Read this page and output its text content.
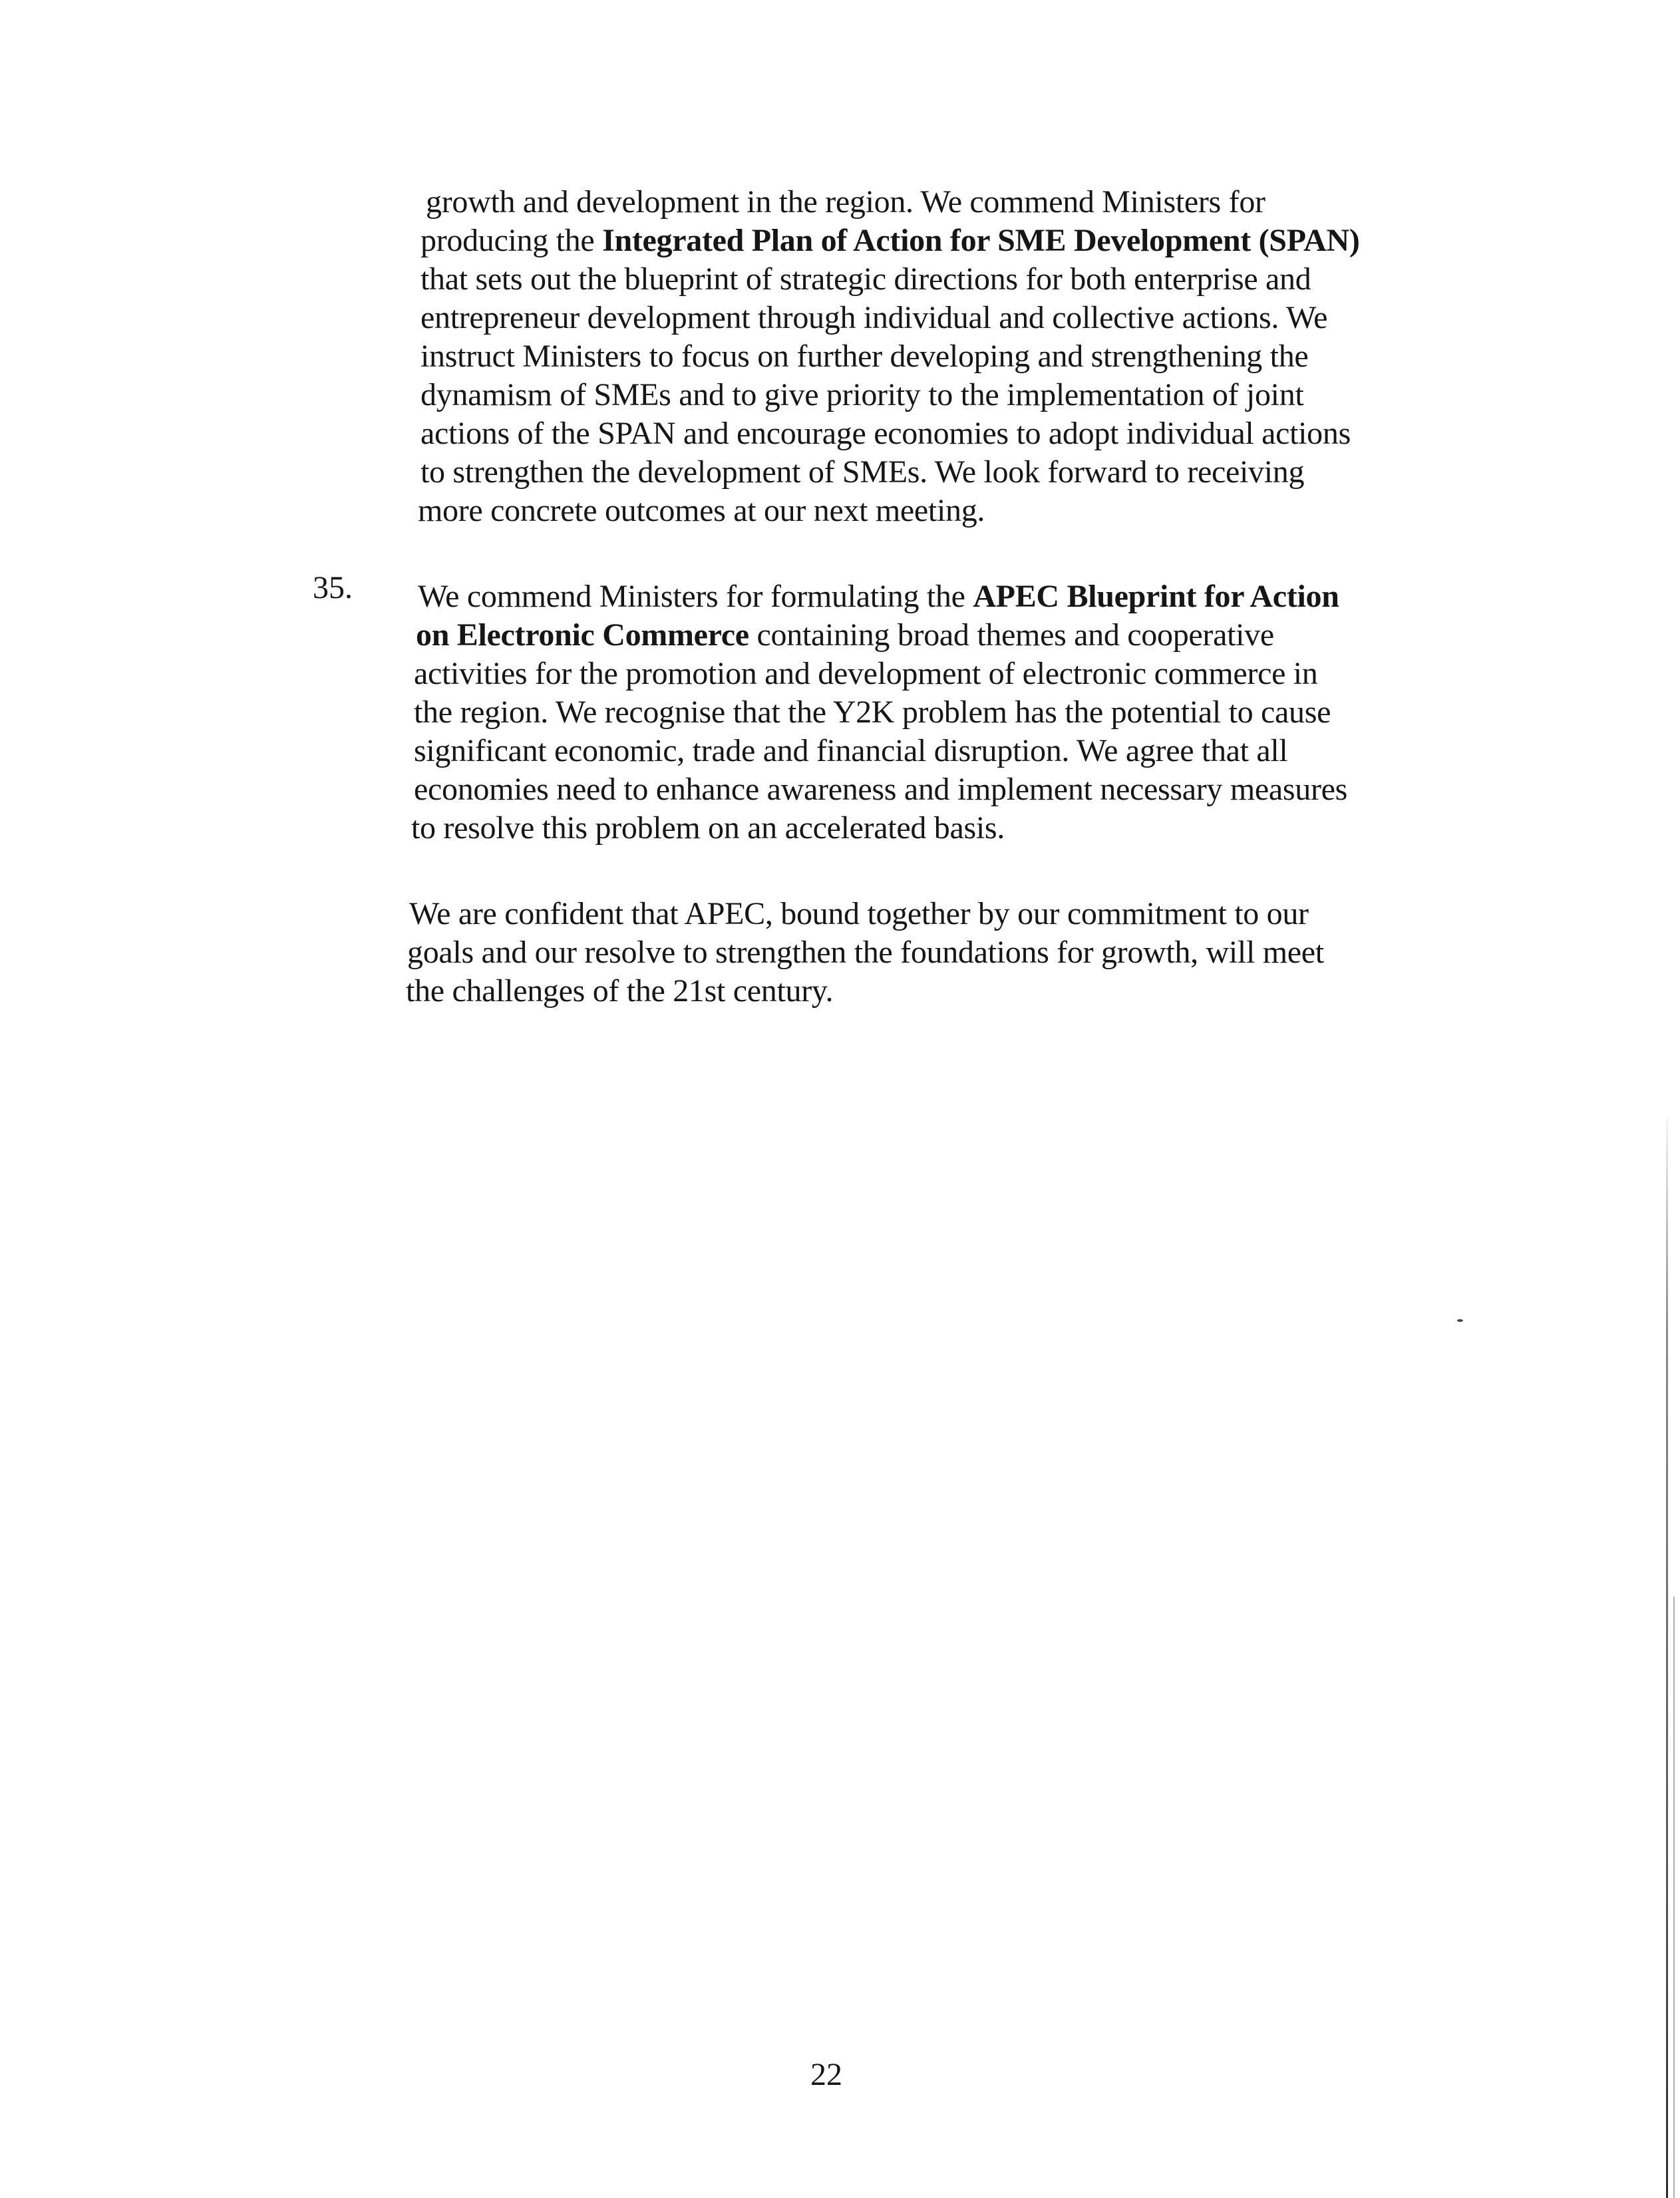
growth and development in the region. We commend Ministers for
producing the Integrated Plan of Action for SME Development (SPAN)
that sets out the blueprint of strategic directions for both enterprise and
entrepreneur development through individual and collective actions. We
instruct Ministers to focus on further developing and strengthening the
dynamism of SMEs and to give priority to the implementation of joint
actions of the SPAN and encourage economies to adopt individual actions
to strengthen the development of SMEs. We look forward to receiving
more concrete outcomes at our next meeting.
35. We commend Ministers for formulating the APEC Blueprint for Action
on Electronic Commerce containing broad themes and cooperative
activities for the promotion and development of electronic commerce in
the region. We recognise that the Y2K problem has the potential to cause
significant economic, trade and financial disruption. We agree that all
economies need to enhance awareness and implement necessary measures
to resolve this problem on an accelerated basis.
We are confident that APEC, bound together by our commitment to our
goals and our resolve to strengthen the foundations for growth, will meet
the challenges of the 21st century.
22
